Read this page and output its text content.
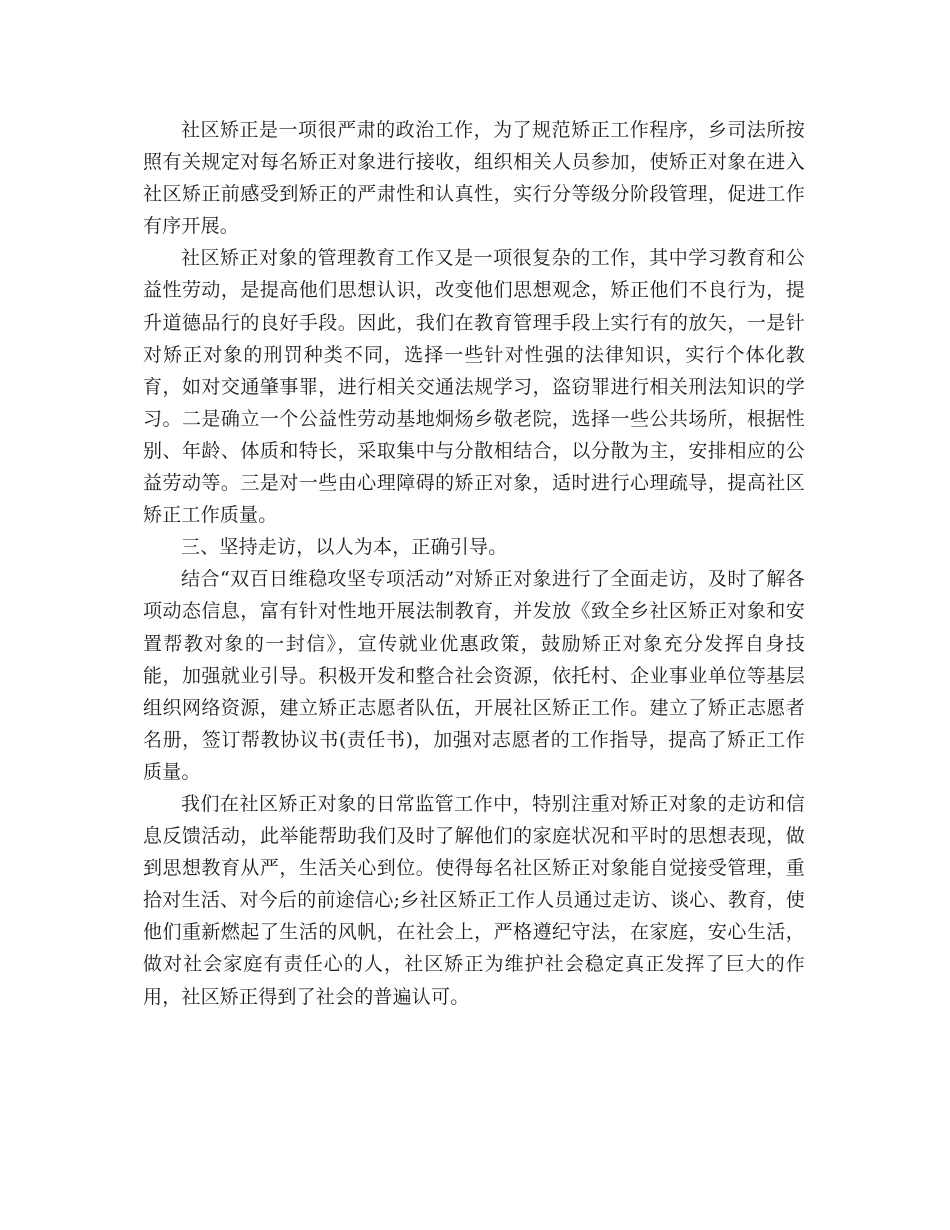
社区矫正是一项很严肃的政治工作，为了规范矫正工作程序，乡司法所按照有关规定对每名矫正对象进行接收，组织相关人员参加，使矫正对象在进入社区矫正前感受到矫正的严肃性和认真性，实行分等级分阶段管理，促进工作有序开展。

社区矫正对象的管理教育工作又是一项很复杂的工作，其中学习教育和公益性劳动，是提高他们思想认识，改变他们思想观念，矫正他们不良行为，提升道德品行的良好手段。因此，我们在教育管理手段上实行有的放矢，一是针对矫正对象的刑罚种类不同，选择一些针对性强的法律知识，实行个体化教育，如对交通肇事罪，进行相关交通法规学习，盗窃罪进行相关刑法知识的学习。二是确立一个公益性劳动基地炯炀乡敬老院，选择一些公共场所，根据性别、年龄、体质和特长，采取集中与分散相结合，以分散为主，安排相应的公益劳动等。三是对一些由心理障碍的矫正对象，适时进行心理疏导，提高社区矫正工作质量。

三、坚持走访，以人为本，正确引导。

结合“双百日维稳攻坚专项活动”对矫正对象进行了全面走访，及时了解各项动态信息，富有针对性地开展法制教育，并发放《致全乡社区矫正对象和安置帮教对象的一封信》，宣传就业优惠政策，鼓励矫正对象充分发挥自身技能，加强就业引导。积极开发和整合社会资源，依托村、企业事业单位等基层组织网络资源，建立矫正志愿者队伍，开展社区矫正工作。建立了矫正志愿者名册，签订帮教协议书(责任书)，加强对志愿者的工作指导，提高了矫正工作质量。

我们在社区矫正对象的日常监管工作中，特别注重对矫正对象的走访和信息反馈活动，此举能帮助我们及时了解他们的家庭状况和平时的思想表现，做到思想教育从严，生活关心到位。使得每名社区矫正对象能自觉接受管理，重拾对生活、对今后的前途信心;乡社区矫正工作人员通过走访、谈心、教育，使他们重新燃起了生活的风帆，在社会上，严格遵纪守法，在家庭，安心生活，做对社会家庭有责任心的人，社区矫正为维护社会稳定真正发挥了巨大的作用，社区矫正得到了社会的普遍认可。
